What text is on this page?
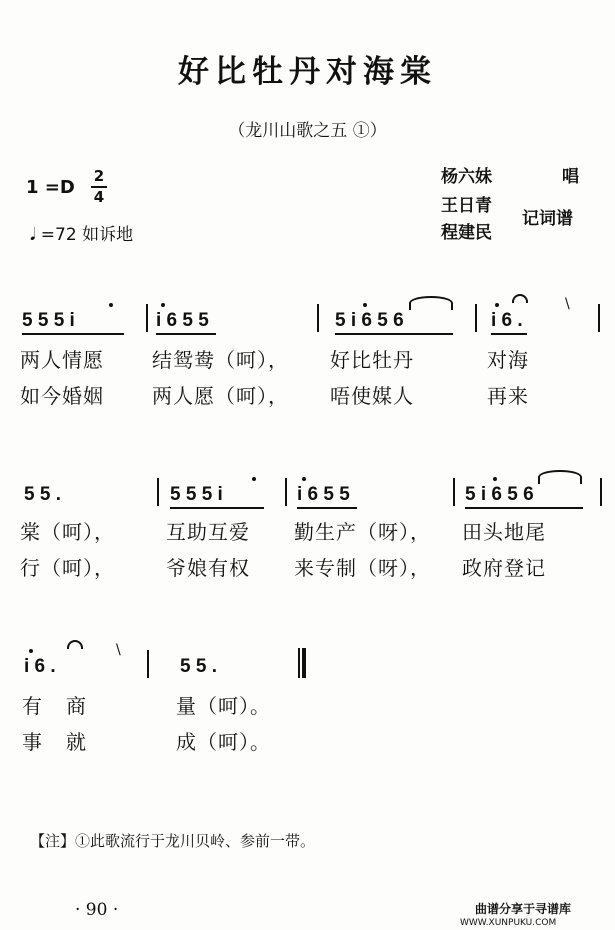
好比牡丹对海棠
（龙川山歌之五 ①）
1 =D
2
4
𝅘𝅥 =72 如诉地
杨六妹	唱
王日青
程建民
记词谱
5 5 5 i	i 6 5 5	5 i 6 5 6	i 6 .
\
两人情愿 结鸳鸯（呵）， 好比牡丹	对海
如今婚姻 两人愿（呵）， 唔使媒人	再来
5 5 .	5 5 5 i	i 6 5 5	5 i 6 5 6
棠（呵），	互助互爱 勤生产（呀）， 田头地尾
行（呵），	爷娘有权 来专制（呀）， 政府登记
i 6 .	5 5 .
\
有 商	量（呵）。
事 就	成（呵）。
【注】①此歌流行于龙川贝岭、参前一带。
· 90 ·	曲谱分享于寻谱库
WWW.XUNPUKU.COM
